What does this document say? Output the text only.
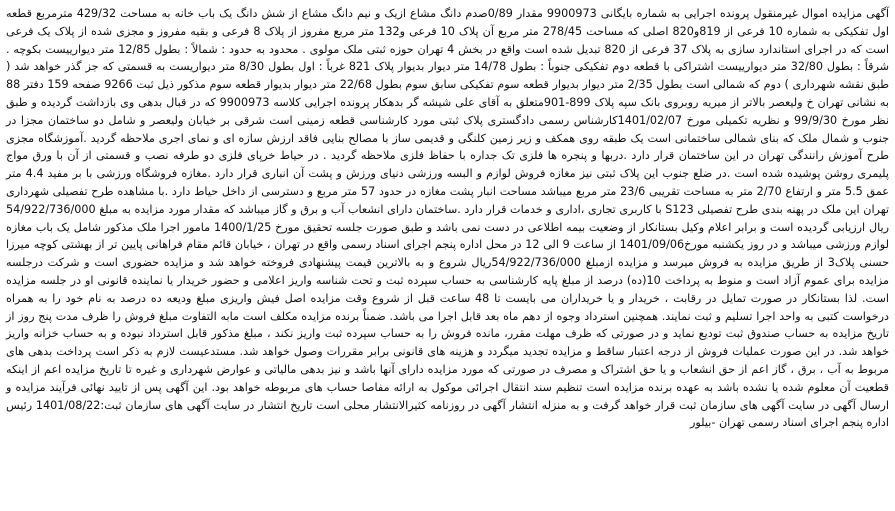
آگهی مزایده اموال غیرمنقول پرونده اجرایی به شماره بایگانی 9900973 مقدار 0/89صدم دانگ مشاع ازیک و نیم دانگ مشاع از شش دانگ یک باب خانه به مساحت 429/32 مترمربع قطعه اول تفکیکی به شماره 10 فرعی از 819و820 اصلی که مساحت 278/45 متر مربع آن پلاک 10 فرعی و132 متر مربع مفروز از پلاک 8 فرعی و بقیه مفروز و مجزی شده از پلاک یک فرعی است که در اجرای استاندارد سازی به پلاک 37 فرعی از 820 تبدیل شده است واقع در بخش 4 تهران حوزه ثبتی ملک مولوی . محدود به حدود : شمالاً : بطول 12/85 متر دیوارییست بکوچه . شرقاً : بطول 32/80 متر دیوارییست اشتراکی با قطعه دوم تفکیکی جنوباً : بطول 14/78 متر دیوار بدیوار پلاک 821 غرباً : اول بطول 8/30 متر دیواریست به قسمتی که جز گذر خواهد شد ( طبق نقشه شهرداری ) دوم که شمالی است بطول 2/35 متر دیوار بدیوار قطعه سوم تفکیکی سابق سوم بطول 22/68 متر دیوار بدیوار قطعه سوم مذکور ذیل ثبت 9266 صفحه 159 دفتر 88 به نشانی تهران خ ولیعصر بالاتر از میریه روبروی بانک سپه پلاک 899-901متعلق به آقای علی شیشه گر بدهکار پرونده اجرایی کلاسه 9900973 که در قبال بدهی وی بازداشت گردیده و طبق نظر مورخ 99/9/30 و نظریه تکمیلی مورخ 1401/02/07کارشناس رسمی دادگستری پلاک ثبتی مورد کارشناسی قطعه زمینی است شرقی بر خیابان ولیعصر و شامل دو ساختمان مجزا در جنوب و شمال ملک که بنای شمالی ساختمانی است یک طبقه روی همکف و زیر زمین کلنگی و قدیمی ساز با مصالح بنایی فاقد ارزش سازه ای و نمای اجری ملاحظه گردید .آموزشگاه مجزی طرح آموزش رانندگی تهران در این ساختمان قرار دارد .دربها و پنجره ها فلزی تک جداره با حفاظ فلزی ملاحظه گردید . در حیاط خرپای فلزی دو طرفه نصب و قسمتی از آن با ورق مواج پلیمری روشن پوشیده شده است .در ضلع جنوب این پلاک ثبتی نیز مغازه فروش لوازم و البسه ورزشی دنیای ورزش و پشت آن انباری قرار دارد .مغازه فروشگاه ورزشی با بر مفید 4.4 متر عمق 5.5 متر و ارتفاع 2/70 متر به مساحت تقریبی 23/6 متر مربع میباشد مساحت انبار پشت مغازه در حدود 57 متر مربع و دسترسی از داخل حیاط دارد .با مشاهده طرح تفصیلی شهرداری تهران این ملک در پهنه بندی طرح تفصیلی S123 با کاربری تجاری ،اداری و خدمات قرار دارد .ساختمان دارای انشعاب آب و برق و گاز میباشد که مقدار مورد مزایده به مبلغ 54/922/736/000 ریال ارزیابی گردیده است و برابر اعلام وکیل بستانکار از وضعیت بیمه اطلاعی در دست نمی باشد و طبق صورت جلسه تحقیق مورخ 1400/1/25 مامور اجرا ملک مذکور شامل یک باب مغازه لوازم ورزشی میباشد و در روز یکشنبه مورخ1401/09/06 از ساعت 9 الی 12 در محل اداره پنجم اجرای اسناد رسمی واقع در تهران ، خیابان قائم مقام فراهانی پایین تر از بهشتی کوچه میرزا حسنی پلاک3 از طریق مزایده به فروش میرسد و مزایده ازمبلغ 54/922/736/000ریال شروع و به بالاترین قیمت پیشنهادی فروخته خواهد شد و مزایده حضوری است و شرکت درجلسه مزایده برای عموم آزاد است و منوط به پرداخت 10(ده) درصد از مبلغ پایه کارشناسی به حساب سپرده ثبت و تحت شناسه واریز اعلامی و حضور خریدار یا نماینده قانونی او در جلسه مزایده است. لذا بستانکار در صورت تمایل در رقابت ، خریدار و یا خریداران می بایست تا 48 ساعت قبل از شروع وقت مزایده اصل فیش واریزی مبلغ ودیعه ده درصد به نام خود را به همراه درخواست کتبی به واحد اجرا تسلیم و ثبت نمایند. همچنین استرداد وجوه از دهم ماه بعد قابل اجرا می باشد. ضمناً برنده مزایده مکلف است مابه التفاوت مبلغ فروش را ظرف مدت پنج روز از تاریخ مزایده به حساب صندوق ثبت تودیع نماید و در صورتی که ظرف مهلت مقرر، مانده فروش را به حساب سپرده ثبت واریز نکند ، مبلغ مذکور قابل استرداد نبوده و به حساب خزانه واریز خواهد شد. در این صورت عملیات فروش از درجه اعتبار ساقط و مزایده تجدید میگردد و هزینه های قانونی برابر مقررات وصول خواهد شد. مستدعیست لازم به ذکر است پرداخت بدهی های مربوط به آب ، برق ، گاز اعم از حق انشعاب و یا حق اشتراک و مصرف در صورتی که مورد مزایده دارای آنها باشد و نیز بدهی مالیاتی و عوارض شهرداری و غیره تا تاریخ مزایده اعم از اینکه قطعیت آن معلوم شده یا نشده باشد به عهده برنده مزایده است تنظیم سند انتقال اجرائی موکول به ارائه مفاصا حساب های مربوطه خواهد بود. این آگهی پس از تایید نهائی فرآیند مزایده و ارسال آگهی در سایت آگهی های سازمان ثبت قرار خواهد گرفت و به منزله انتشار آگهی در روزنامه کثیرالانتشار محلی است تاریخ انتشار در سایت آگهی های سازمان ثبت:1401/08/22 رئیس اداره پنجم اجرای اسناد رسمی تهران -بیلور
